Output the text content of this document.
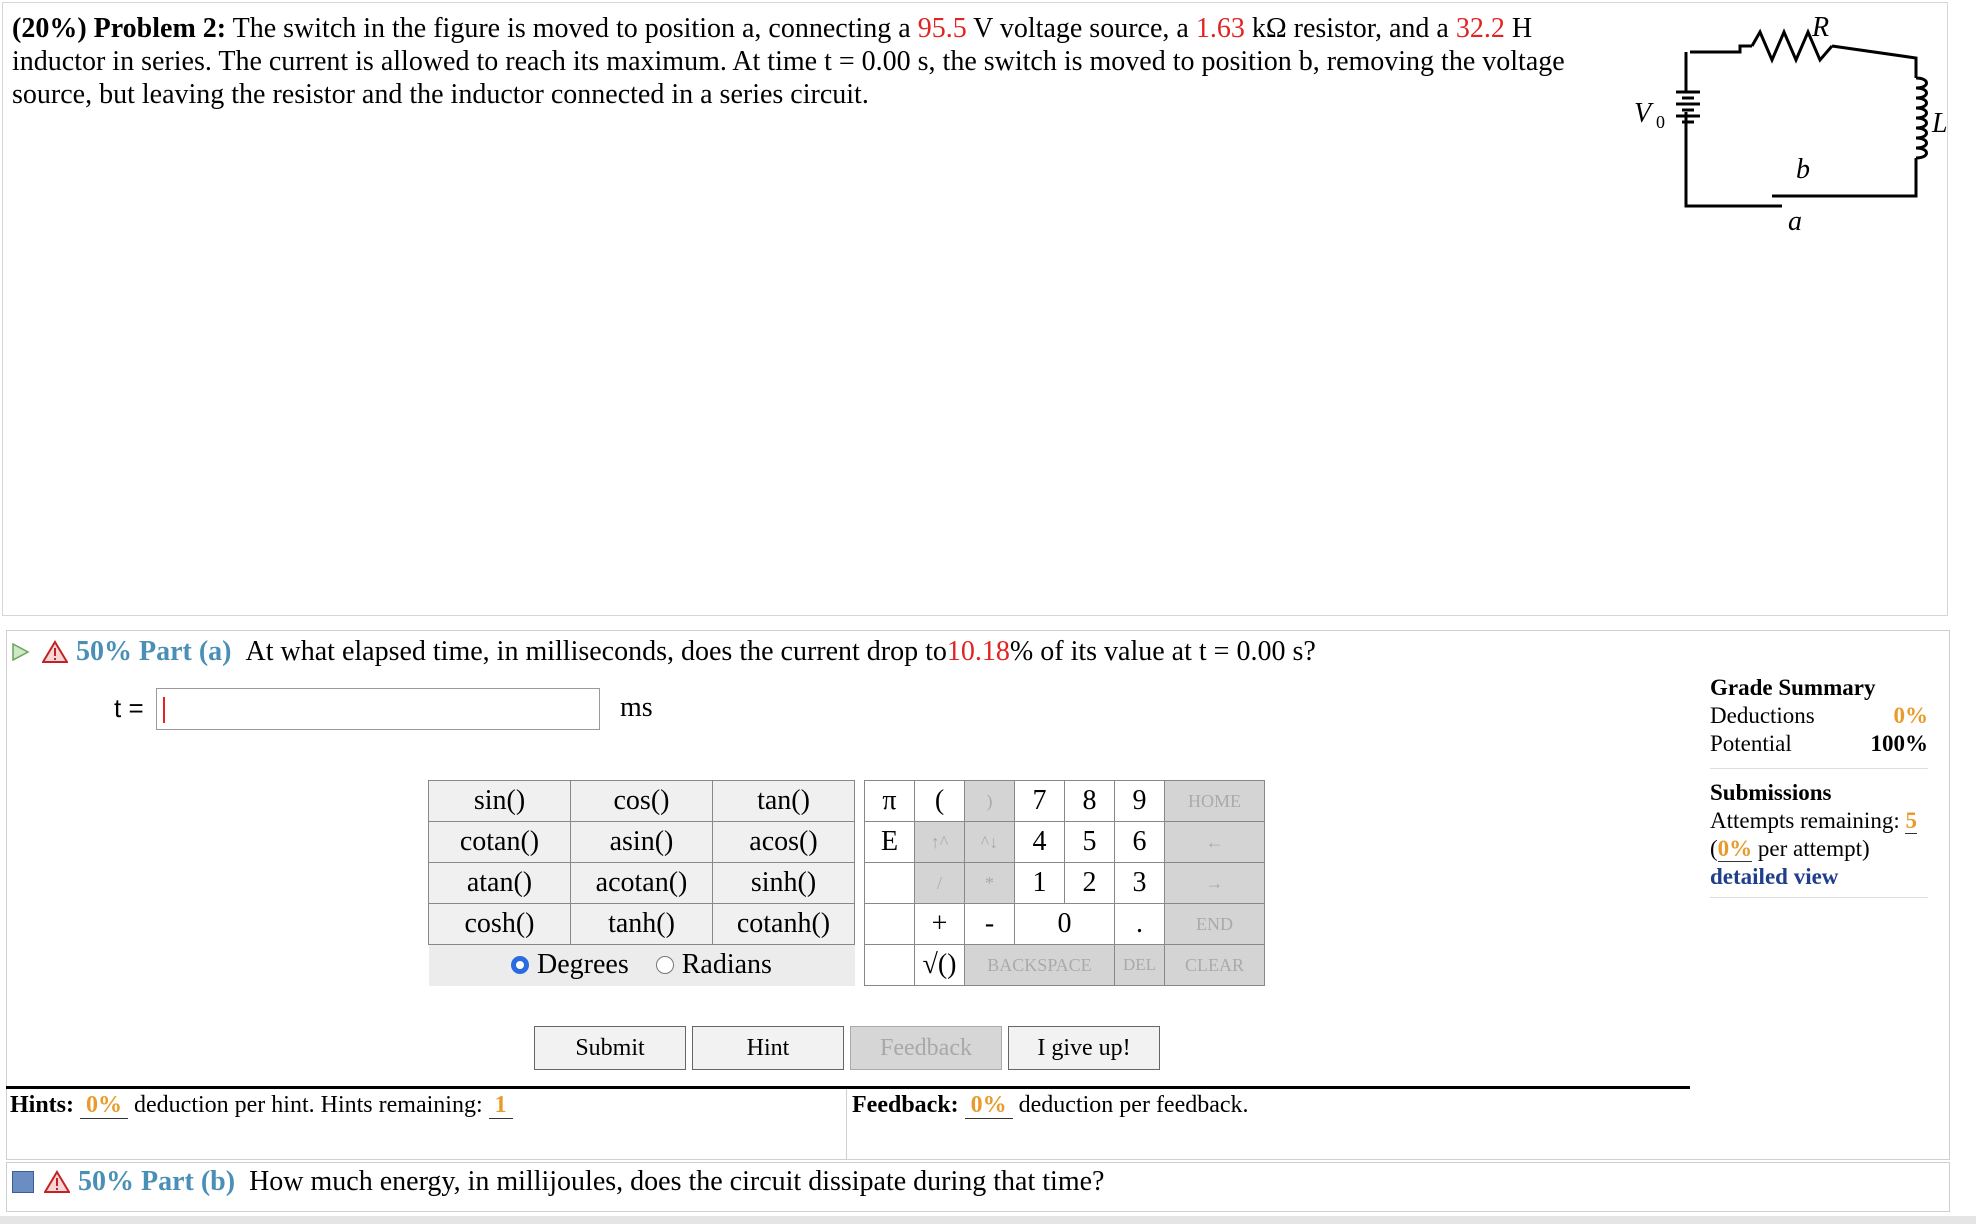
(20%) Problem 2: The switch in the figure is moved to position a, connecting a 95.5 V voltage source, a 1.63 kΩ resistor, and a 32.2 H inductor in series. The current is allowed to reach its maximum. At time t = 0.00 s, the switch is moved to position b, removing the voltage source, but leaving the resistor and the inductor connected in a series circuit.
R
L
V 0
b
a
50% Part (a) At what elapsed time, in milliseconds, does the current drop to 10.18 % of its value at t = 0.00 s?
t =	ms
sin()	cos()	tan()
cotan()	asin()	acos()
atan()	acotan()	sinh()
cosh()	tanh()	cotanh()

Degrees
Radians		
π	(	)	7	8	9	HOME
E	↑^	^↓	4	5	6	←
	/	*	1	2	3	→
	+	-	0		.	END
	√()	BACKSPACE			DEL	CLEAR
Submit	Hint	Feedback	I give up!
Hints: 0% deduction per hint. Hints remaining: 1	Feedback: 0% deduction per feedback.
Grade Summary
Deductions	0%
Potential	100%
Submissions
Attempts remaining: 5
(0% per attempt)
detailed view
50% Part (b) How much energy, in millijoules, does the circuit dissipate during that time?
